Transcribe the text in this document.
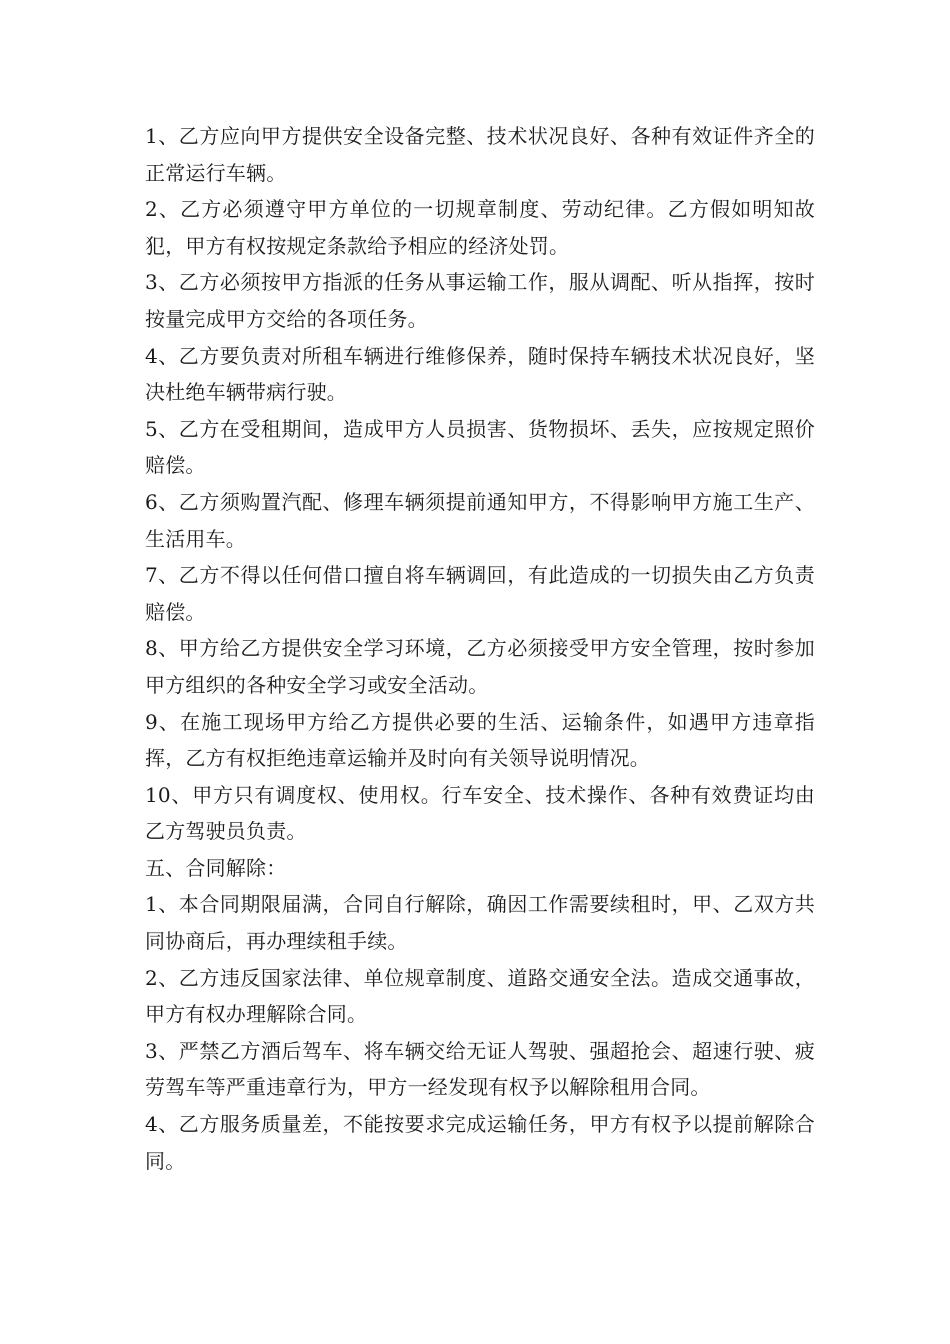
1、乙方应向甲方提供安全设备完整、技术状况良好、各种有效证件齐全的正常运行车辆。

2、乙方必须遵守甲方单位的一切规章制度、劳动纪律。乙方假如明知故犯，甲方有权按规定条款给予相应的经济处罚。

3、乙方必须按甲方指派的任务从事运输工作，服从调配、听从指挥，按时按量完成甲方交给的各项任务。

4、乙方要负责对所租车辆进行维修保养，随时保持车辆技术状况良好，坚决杜绝车辆带病行驶。

5、乙方在受租期间，造成甲方人员损害、货物损坏、丢失，应按规定照价赔偿。

6、乙方须购置汽配、修理车辆须提前通知甲方，不得影响甲方施工生产、生活用车。

7、乙方不得以任何借口擅自将车辆调回，有此造成的一切损失由乙方负责赔偿。

8、甲方给乙方提供安全学习环境，乙方必须接受甲方安全管理，按时参加甲方组织的各种安全学习或安全活动。

9、在施工现场甲方给乙方提供必要的生活、运输条件，如遇甲方违章指挥，乙方有权拒绝违章运输并及时向有关领导说明情况。

10、甲方只有调度权、使用权。行车安全、技术操作、各种有效费证均由乙方驾驶员负责。

五、合同解除：

1、本合同期限届满，合同自行解除，确因工作需要续租时，甲、乙双方共同协商后，再办理续租手续。

2、乙方违反国家法律、单位规章制度、道路交通安全法。造成交通事故，甲方有权办理解除合同。

3、严禁乙方酒后驾车、将车辆交给无证人驾驶、强超抢会、超速行驶、疲劳驾车等严重违章行为，甲方一经发现有权予以解除租用合同。

4、乙方服务质量差，不能按要求完成运输任务，甲方有权予以提前解除合同。
